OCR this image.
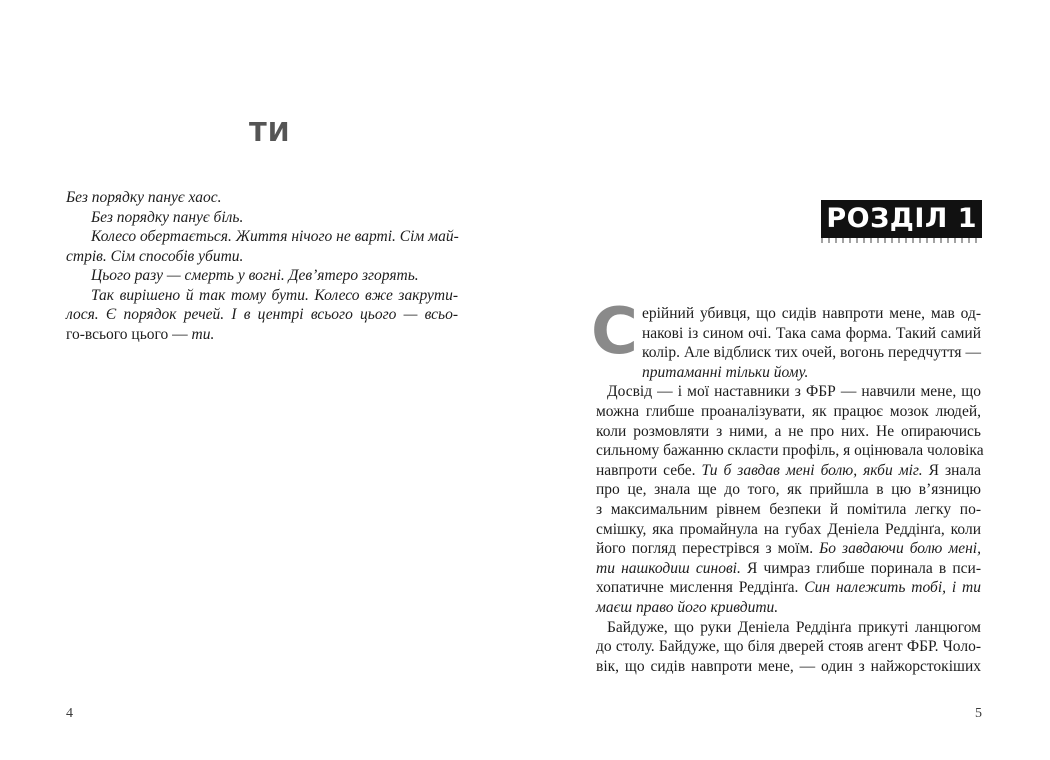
ТИ
Без порядку панує хаос.
Без порядку панує біль.
Колесо обертається. Життя нічого не варті. Сім май-
стрів. Сім способів убити.
Цього разу — смерть у вогні. Дев’ятеро згорять.
Так вирішено й так тому бути. Колесо вже закрути-
лося. Є порядок речей. І в центрі всього цього — всьо-
го-всього цього — ти.
4
РОЗДІЛ 1
С ерійний убивця, що сидів навпроти мене, мав од-
накові із сином очі. Така сама форма. Такий самий
колір. Але відблиск тих очей, вогонь передчуття —
притаманні тільки йому.
Досвід — і мої наставники з ФБР — навчили мене, що
можна глибше проаналізувати, як працює мозок людей,
коли розмовляти з ними, а не про них. Не опираючись
сильному бажанню скласти профіль, я оцінювала чоловіка
навпроти себе. Ти б завдав мені болю, якби міг. Я знала
про це, знала ще до того, як прийшла в цю в’язницю
з максимальним рівнем безпеки й помітила легку по-
смішку, яка промайнула на губах Деніела Реддінґа, коли
його погляд перестрівся з моїм. Бо завдаючи болю мені,
ти нашкодиш синові. Я чимраз глибше поринала в пси-
хопатичне мислення Реддінґа. Син належить тобі, і ти
маєш право його кривдити.
Байдуже, що руки Деніела Реддінґа прикуті ланцюгом
до столу. Байдуже, що біля дверей стояв агент ФБР. Чоло-
вік, що сидів навпроти мене, — один з найжорстокіших
5
